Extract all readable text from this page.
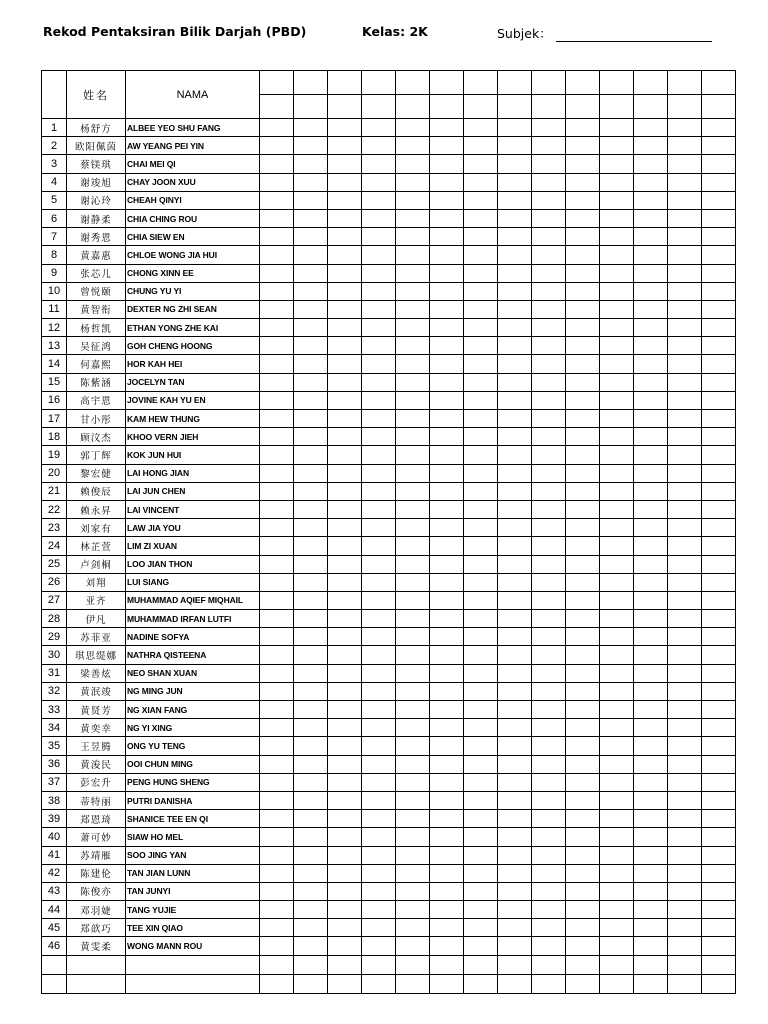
Rekod Pentaksiran Bilik Darjah (PBD)	Kelas: 2K	Subjek：
	姓名	NAMA														

1	杨舒方	ALBEE YEO SHU FANG														
2	欧阳佩茵	AW YEANG PEI YIN														
3	蔡镁琪	CHAI MEI QI														
4	谢竣旭	CHAY JOON XUU														
5	谢沁玲	CHEAH QINYI														
6	谢静柔	CHIA CHING ROU														
7	谢秀恩	CHIA SIEW EN														
8	黄嘉惠	CHLOE WONG JIA HUI														
9	张芯儿	CHONG XINN EE														
10	曾悦颐	CHUNG YU YI														
11	黄智衔	DEXTER NG ZHI SEAN														
12	杨哲凯	ETHAN YONG ZHE KAI														
13	吴征鸿	GOH CHENG HOONG														
14	何嘉熙	HOR KAH HEI														
15	陈紫涵	JOCELYN TAN														
16	高宇恩	JOVINE KAH YU EN														
17	甘小彤	KAM HEW THUNG														
18	顾汶杰	KHOO VERN JIEH														
19	郭丁辉	KOK JUN HUI														
20	黎宏健	LAI HONG JIAN														
21	赖俊辰	LAI JUN CHEN														
22	赖永昇	LAI VINCENT														
23	刘家有	LAW JIA YOU														
24	林芷萱	LIM ZI XUAN														
25	卢剑桐	LOO JIAN THON														
26	刘翔	LUI SIANG														
27	亚齐	MUHAMMAD AQIEF MIQHAIL														
28	伊凡	MUHAMMAD IRFAN LUTFI														
29	苏菲亚	NADINE SOFYA														
30	琪思缇娜	NATHRA QISTEENA														
31	梁善炫	NEO SHAN XUAN														
32	黄泯竣	NG MING JUN														
33	黄贤芳	NG XIAN FANG														
34	黄奕幸	NG YI XING														
35	王昱腾	ONG YU TENG														
36	黄浚民	OOI CHUN MING														
37	彭宏升	PENG HUNG SHENG														
38	蒂特丽	PUTRI DANISHA														
39	郑恩琦	SHANICE TEE EN QI														
40	萧可妙	SIAW HO MEL														
41	苏靖雁	SOO JING YAN														
42	陈建伦	TAN JIAN LUNN														
43	陈俊亦	TAN JUNYI														
44	邓羽婕	TANG YUJIE														
45	郑歆巧	TEE XIN QIAO														
46	黄雯柔	WONG MANN ROU														
